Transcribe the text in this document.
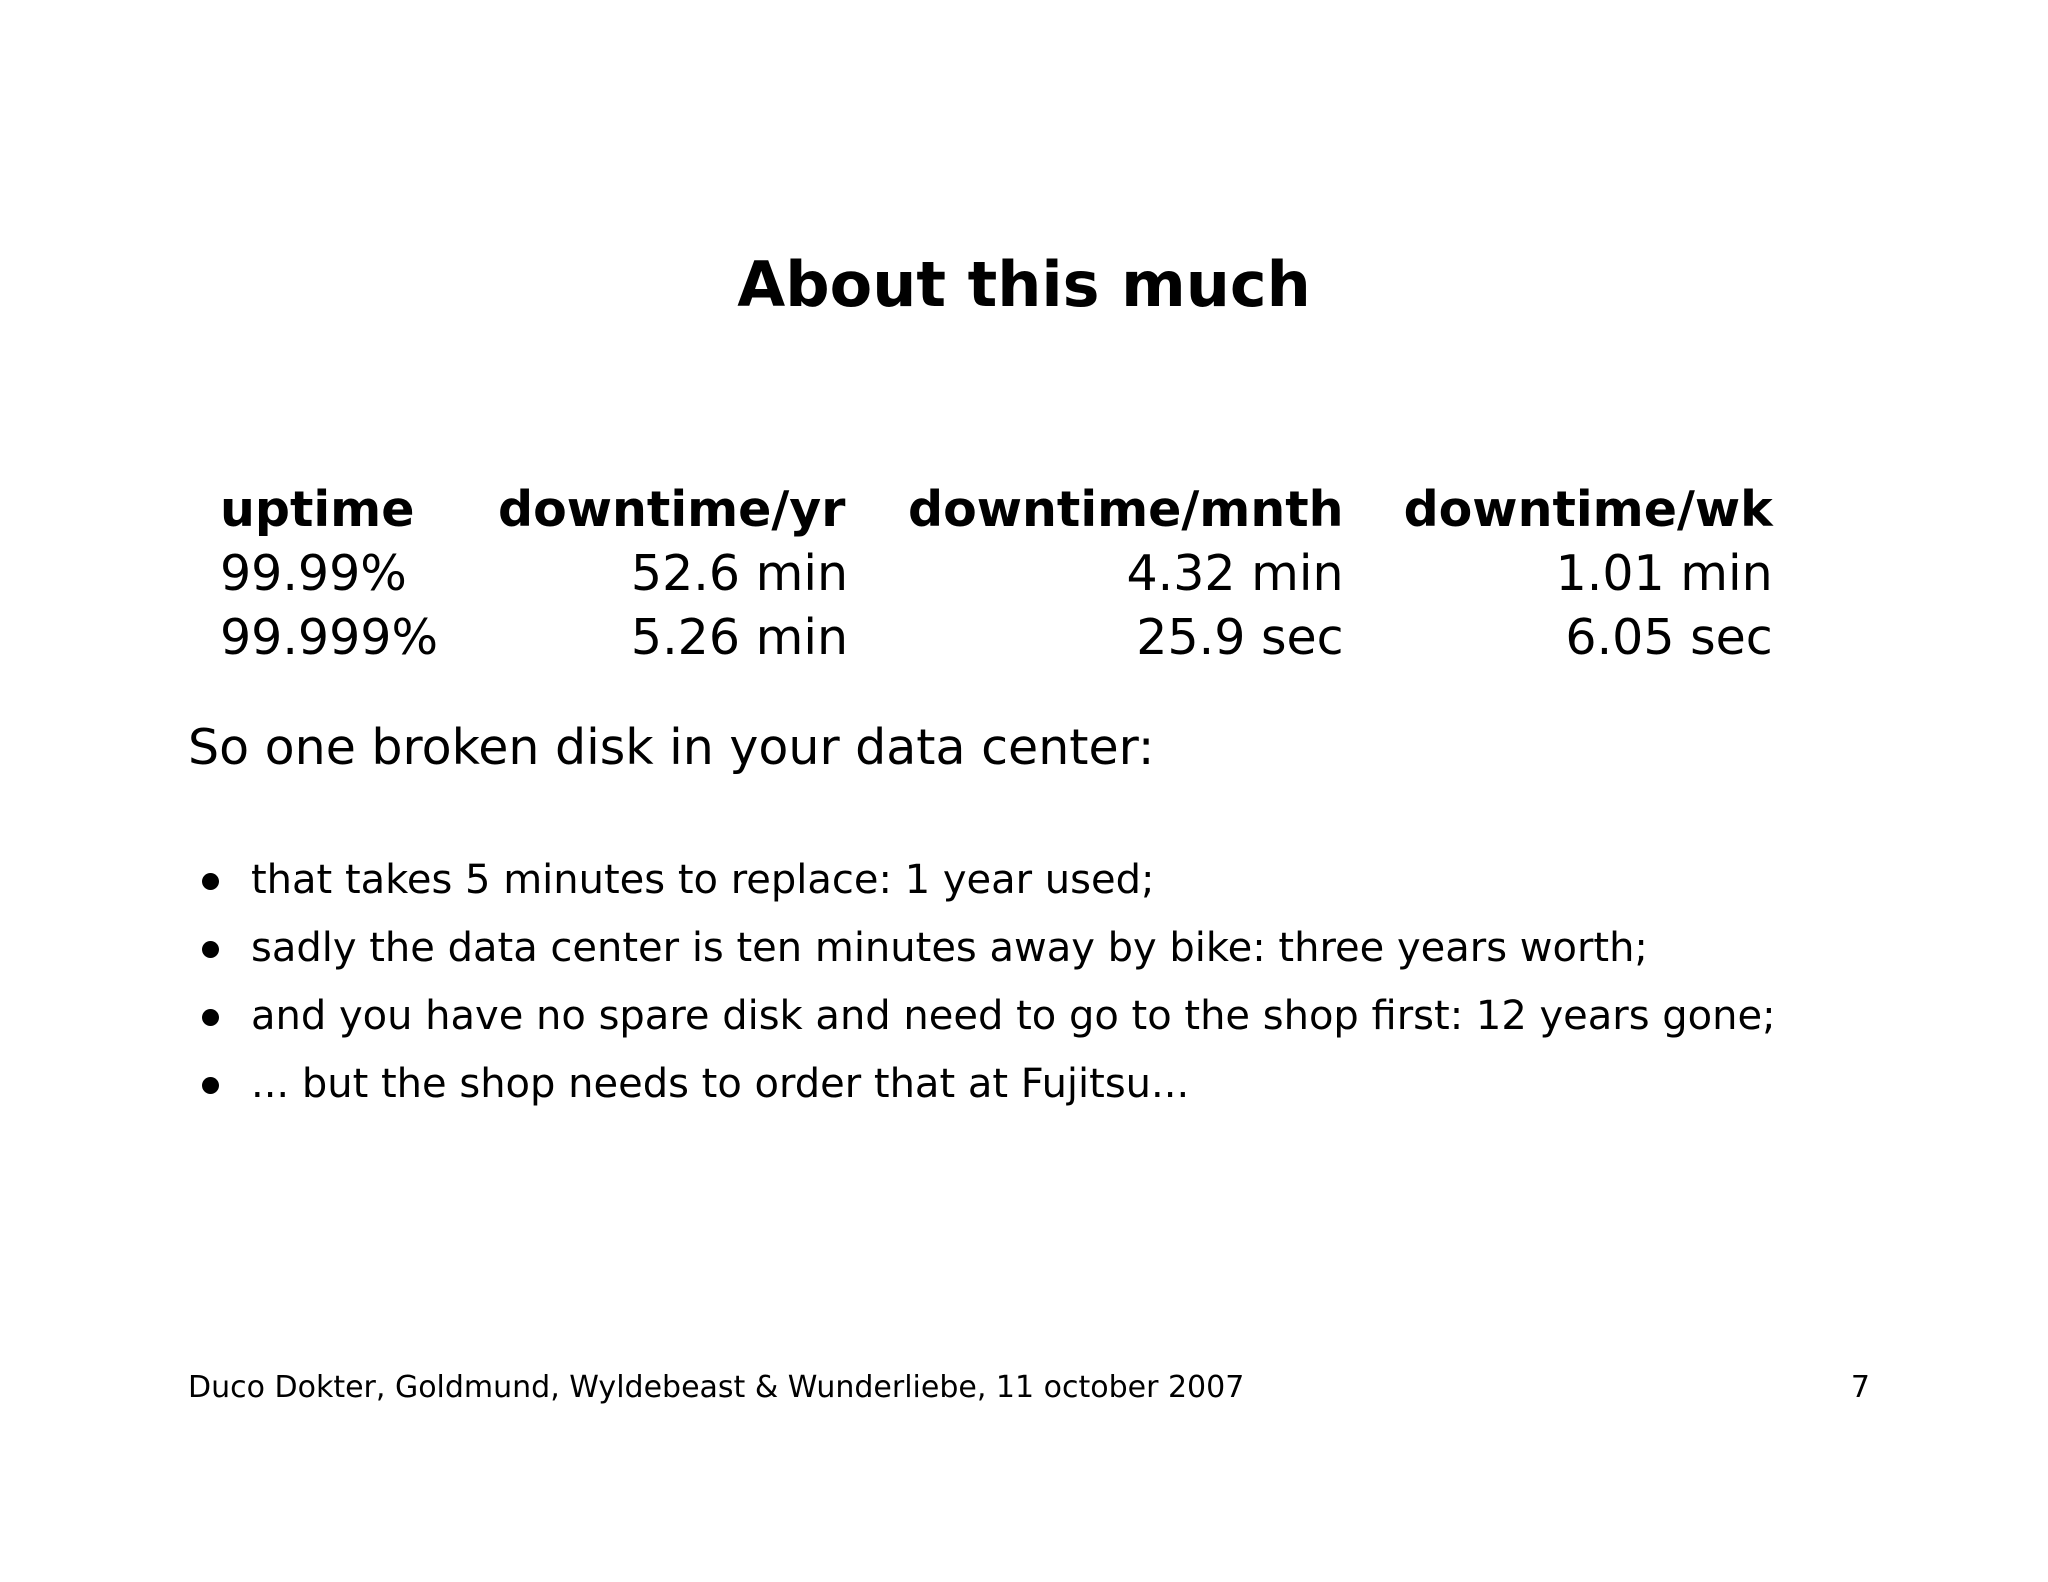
About this much
uptime	downtime/yr	downtime/mnth	downtime/wk
99.99%	52.6 min	4.32 min	1.01 min
99.999%	5.26 min	25.9 sec	6.05 sec
So one broken disk in your data center:
that takes 5 minutes to replace: 1 year used;
sadly the data center is ten minutes away by bike: three years worth;
and you have no spare disk and need to go to the shop first: 12 years gone;
... but the shop needs to order that at Fujitsu...
Duco Dokter, Goldmund, Wyldebeast & Wunderliebe, 11 october 2007	7
